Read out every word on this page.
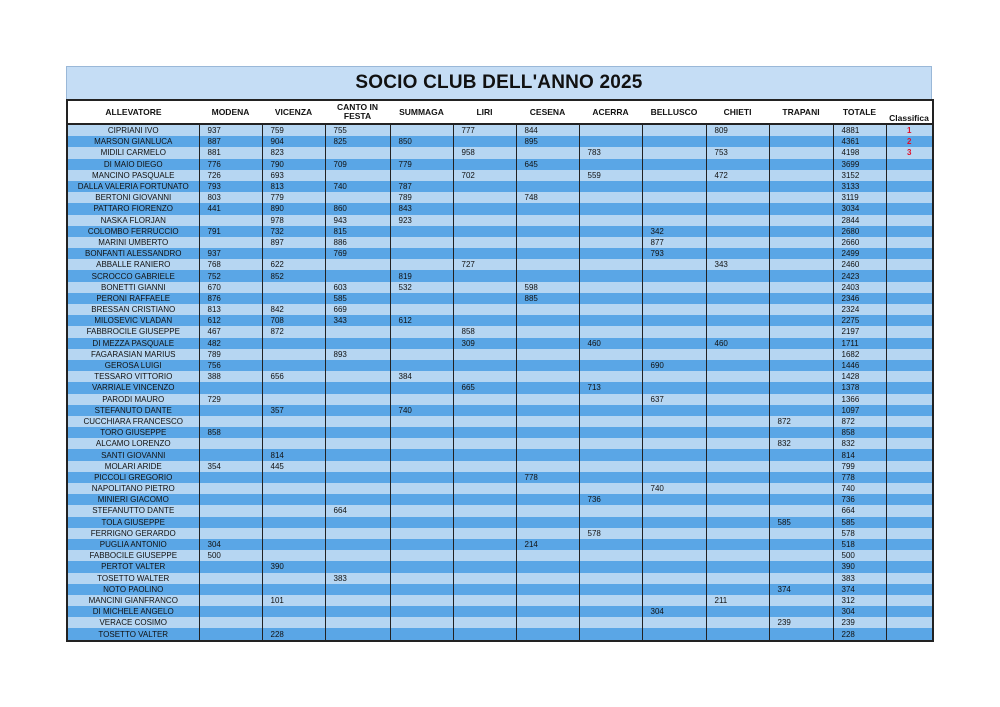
SOCIO CLUB DELL'ANNO 2025
ALLEVATORE	MODENA	VICENZA	CANTO IN FESTA	SUMMAGA	LIRI	CESENA	ACERRA	BELLUSCO	CHIETI	TRAPANI	TOTALE	Classifica
CIPRIANI IVO	937	759	755		777	844			809		4881	1
MARSON GIANLUCA	887	904	825	850		895					4361	2
MIDILI CARMELO	881	823			958		783		753		4198	3
DI MAIO DIEGO	776	790	709	779		645					3699	
MANCINO PASQUALE	726	693			702		559		472		3152	
DALLA VALERIA FORTUNATO	793	813	740	787							3133	
BERTONI GIOVANNI	803	779		789		748					3119	
PATTARO FIORENZO	441	890	860	843							3034	
NASKA FLORJAN		978	943	923							2844	
COLOMBO FERRUCCIO	791	732	815					342			2680	
MARINI UMBERTO		897	886					877			2660	
BONFANTI ALESSANDRO	937		769					793			2499	
ABBALLE RANIERO	768	622			727				343		2460	
SCROCCO GABRIELE	752	852		819							2423	
BONETTI GIANNI	670		603	532		598					2403	
PERONI RAFFAELE	876		585			885					2346	
BRESSAN CRISTIANO	813	842	669								2324	
MILOSEVIC VLADAN	612	708	343	612							2275	
FABBROCILE GIUSEPPE	467	872			858						2197	
DI MEZZA PASQUALE	482				309		460		460		1711	
FAGARASIAN MARIUS	789		893								1682	
GEROSA LUIGI	756							690			1446	
TESSARO VITTORIO	388	656		384							1428	
VARRIALE VINCENZO					665		713				1378	
PARODI MAURO	729							637			1366	
STEFANUTO DANTE		357		740							1097	
CUCCHIARA FRANCESCO										872	872	
TORO GIUSEPPE	858										858	
ALCAMO LORENZO										832	832	
SANTI GIOVANNI		814									814	
MOLARI ARIDE	354	445									799	
PICCOLI GREGORIO						778					778	
NAPOLITANO PIETRO								740			740	
MINIERI GIACOMO							736				736	
STEFANUTTO DANTE			664								664	
TOLA GIUSEPPE										585	585	
FERRIGNO GERARDO							578				578	
PUGLIA ANTONIO	304					214					518	
FABBOCILE GIUSEPPE	500										500	
PERTOT VALTER		390									390	
TOSETTO WALTER			383								383	
NOTO PAOLINO										374	374	
MANCINI GIANFRANCO		101							211		312	
DI MICHELE ANGELO								304			304	
VERACE COSIMO										239	239	
TOSETTO VALTER		228									228	
